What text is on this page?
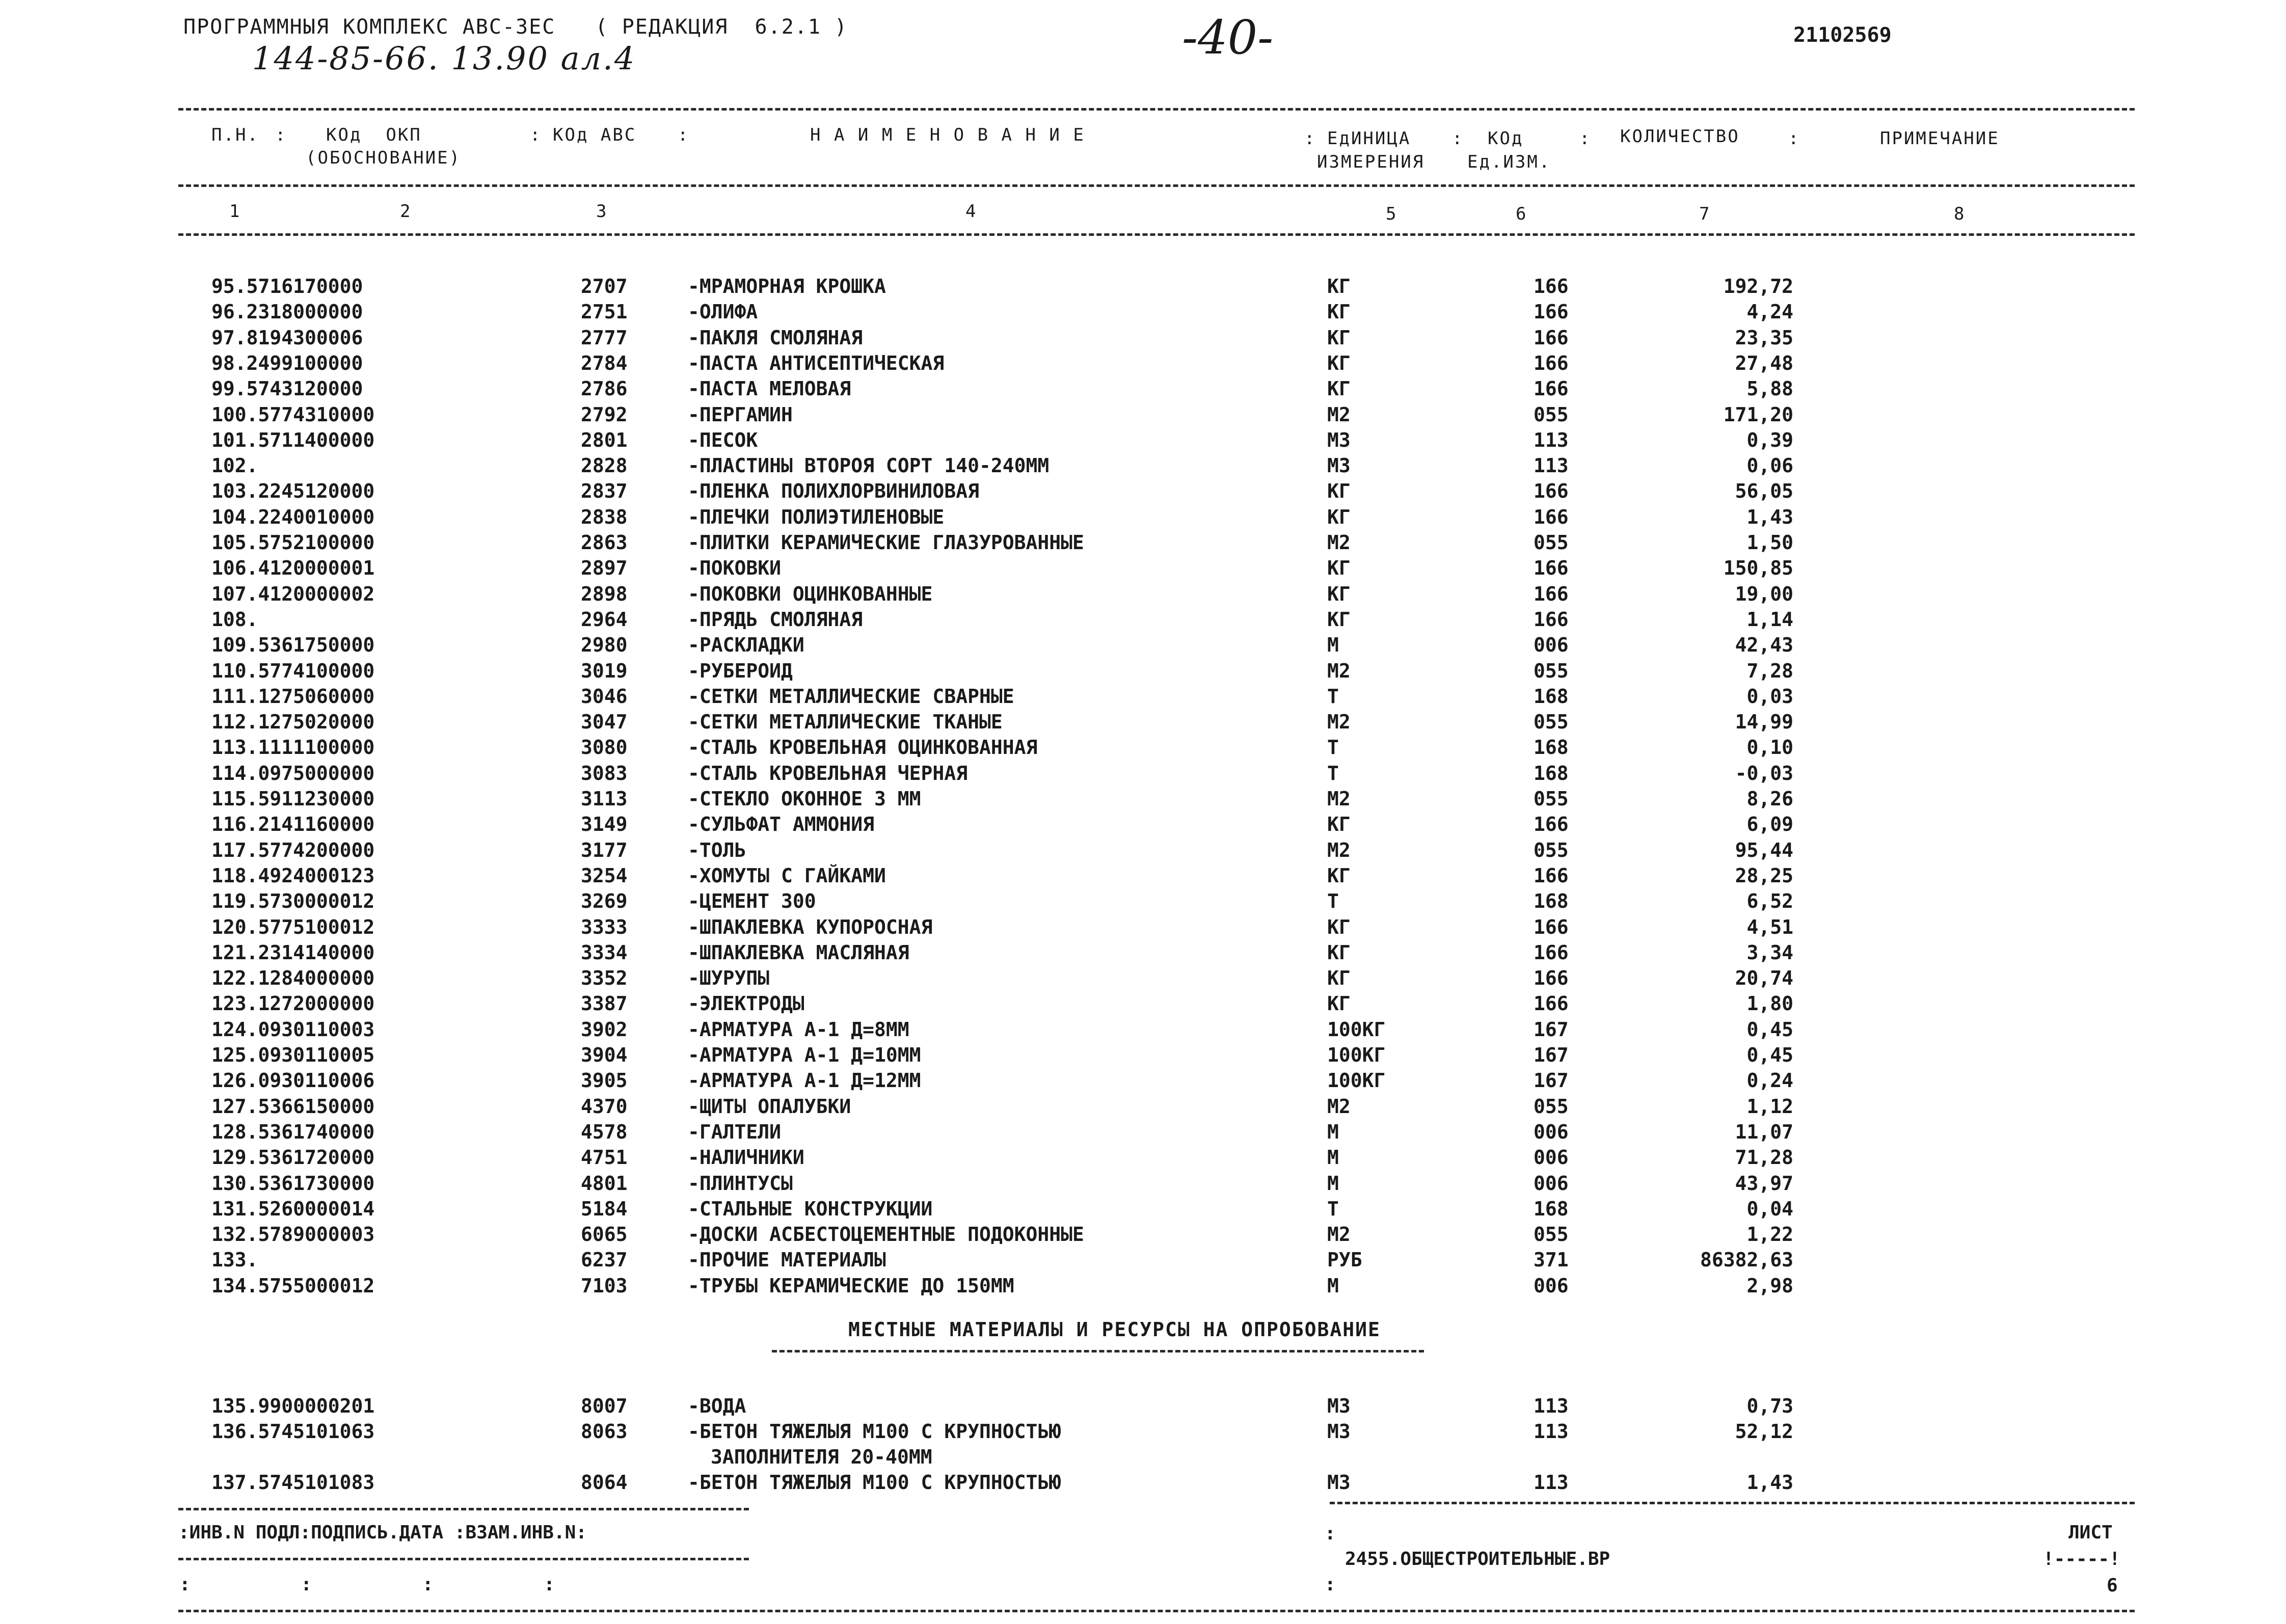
ПРОГРАММНЫЯ КОМПЛЕКС АВС-3ЕС   ( РЕДАКЦИЯ  6.2.1 )
144-85-66. 13.90 ал.4	-40-	21102569
П.Н.	КОд  ОКП
(ОБОСНОВАНИЕ)
КОд АВС	Н А И М Е Н О В А Н И Е	ЕдИНИЦА
ИЗМЕРЕНИЯ
КОд
Ед.ИЗМ.
КОЛИЧЕСТВО	ПРИМЕЧАНИЕ
:	:	:	:	:	:	:
1	2	3	4	5	6	7	8
95.5716170000	2707	-МРАМОРНАЯ КРОШКА	КГ	166	192,72
96.2318000000	2751	-ОЛИФА	КГ	166	4,24
97.8194300006	2777	-ПАКЛЯ СМОЛЯНАЯ	КГ	166	23,35
98.2499100000	2784	-ПАСТА АНТИСЕПТИЧЕСКАЯ	КГ	166	27,48
99.5743120000	2786	-ПАСТА МЕЛОВАЯ	КГ	166	5,88
100.5774310000	2792	-ПЕРГАМИН	М2	055	171,20
101.5711400000	2801	-ПЕСОК	М3	113	0,39
102.	2828	-ПЛАСТИНЫ ВТОРОЯ СОРТ 140-240ММ	М3	113	0,06
103.2245120000	2837	-ПЛЕНКА ПОЛИХЛОРВИНИЛОВАЯ	КГ	166	56,05
104.2240010000	2838	-ПЛЕЧКИ ПОЛИЭТИЛЕНОВЫЕ	КГ	166	1,43
105.5752100000	2863	-ПЛИТКИ КЕРАМИЧЕСКИЕ ГЛАЗУРОВАННЫЕ	М2	055	1,50
106.4120000001	2897	-ПОКОВКИ	КГ	166	150,85
107.4120000002	2898	-ПОКОВКИ ОЦИНКОВАННЫЕ	КГ	166	19,00
108.	2964	-ПРЯДЬ СМОЛЯНАЯ	КГ	166	1,14
109.5361750000	2980	-РАСКЛАДКИ	М	006	42,43
110.5774100000	3019	-РУБЕРОИД	М2	055	7,28
111.1275060000	3046	-СЕТКИ МЕТАЛЛИЧЕСКИЕ СВАРНЫЕ	Т	168	0,03
112.1275020000	3047	-СЕТКИ МЕТАЛЛИЧЕСКИЕ ТКАНЫЕ	М2	055	14,99
113.1111100000	3080	-СТАЛЬ КРОВЕЛЬНАЯ ОЦИНКОВАННАЯ	Т	168	0,10
114.0975000000	3083	-СТАЛЬ КРОВЕЛЬНАЯ ЧЕРНАЯ	Т	168	-0,03
115.5911230000	3113	-СТЕКЛО ОКОННОЕ 3 ММ	М2	055	8,26
116.2141160000	3149	-СУЛЬФАТ АММОНИЯ	КГ	166	6,09
117.5774200000	3177	-ТОЛЬ	М2	055	95,44
118.4924000123	3254	-ХОМУТЫ С ГАЙКАМИ	КГ	166	28,25
119.5730000012	3269	-ЦЕМЕНТ 300	Т	168	6,52
120.5775100012	3333	-ШПАКЛЕВКА КУПОРОСНАЯ	КГ	166	4,51
121.2314140000	3334	-ШПАКЛЕВКА МАСЛЯНАЯ	КГ	166	3,34
122.1284000000	3352	-ШУРУПЫ	КГ	166	20,74
123.1272000000	3387	-ЭЛЕКТРОДЫ	КГ	166	1,80
124.0930110003	3902	-АРМАТУРА А-1 Д=8ММ	100КГ	167	0,45
125.0930110005	3904	-АРМАТУРА А-1 Д=10ММ	100КГ	167	0,45
126.0930110006	3905	-АРМАТУРА А-1 Д=12ММ	100КГ	167	0,24
127.5366150000	4370	-ЩИТЫ ОПАЛУБКИ	М2	055	1,12
128.5361740000	4578	-ГАЛТЕЛИ	М	006	11,07
129.5361720000	4751	-НАЛИЧНИКИ	М	006	71,28
130.5361730000	4801	-ПЛИНТУСЫ	М	006	43,97
131.5260000014	5184	-СТАЛЬНЫЕ КОНСТРУКЦИИ	Т	168	0,04
132.5789000003	6065	-ДОСКИ АСБЕСТОЦЕМЕНТНЫЕ ПОДОКОННЫЕ	М2	055	1,22
133.	6237	-ПРОЧИЕ МАТЕРИАЛЫ	РУБ	371	86382,63
134.5755000012	7103	-ТРУБЫ КЕРАМИЧЕСКИЕ ДО 150ММ	М	006	2,98
МЕСТНЫЕ МАТЕРИАЛЫ И РЕСУРСЫ НА ОПРОБОВАНИЕ
135.9900000201	8007	-ВОДА	М3	113	0,73
136.5745101063	8063	-БЕТОН ТЯЖЕЛЫЯ М100 С КРУПНОСТЬЮ	М3	113	52,12
ЗАПОЛНИТЕЛЯ 20-40ММ
137.5745101083	8064	-БЕТОН ТЯЖЕЛЫЯ М100 С КРУПНОСТЬЮ	М3	113	1,43
:ИНВ.N ПОДЛ:ПОДПИСЬ.ДАТА :ВЗАМ.ИНВ.N:
:          :          :          :
:
2455.ОБЩЕСТРОИТЕЛЬНЫЕ.ВР
:
ЛИСТ
!-----!
6
